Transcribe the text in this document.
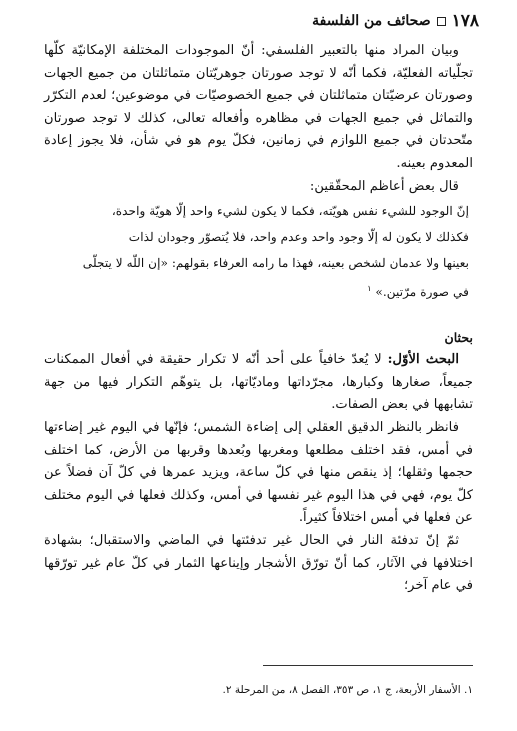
١٧٨
صحائف من الفلسفة

وبيان المراد منها بالتعبير الفلسفي: أنّ الموجودات المختلفة الإمكانيّة كلّها تجلّياته الفعليّة، فكما أنّه لا توجد صورتان جوهريّتان متماثلتان من جميع الجهات وصورتان عرضيّتان متماثلتان في جميع الخصوصيّات في موضوعين؛ لعدم التكرّر والتماثل في جميع الجهات في مظاهره وأفعاله تعالى، كذلك لا توجد صورتان متّحدتان في جميع اللوازم في زمانين، فكلّ يوم هو في شأن، فلا يجوز إعادة المعدوم بعينه.

قال بعض أعاظم المحقّقين:

إنّ الوجود للشيء نفس هويّته، فكما لا يكون لشيء واحد إلّا هويّة واحدة،

فكذلك لا يكون له إلّا وجود واحد وعدم واحد، فلا يُتصوّر وجودان لذات

بعينها ولا عدمان لشخص بعينه، فهذا ما رامه العرفاء بقولهم: «إن اللّه لا يتجلّى

في صورة مرّتين.» $^١$

بحثان

البحث الأوّل: لا يُعدّ خافياً على أحد أنّه لا تكرار حقيقة في أفعال الممكنات جميعاً، صغارها وكبارها، مجرّداتها وماديّاتها، بل يتوهّم التكرار فيها من جهة تشابهها في بعض الصفات.

فانظر بالنظر الدقيق العقلي إلى إضاءة الشمس؛ فإنّها في اليوم غير إضاءتها في أمس، فقد اختلف مطلعها ومغربها وبُعدها وقربها من الأرض، كما اختلف حجمها وثقلها؛ إذ ينقص منها في كلّ ساعة، ويزيد عمرها في كلّ آن فضلاً عن كلّ يوم، فهي في هذا اليوم غير نفسها في أمس، وكذلك فعلها في اليوم مختلف عن فعلها في أمس اختلافاً كثيراً.

ثمّ إنّ تدفئة النار في الحال غير تدفئتها في الماضي والاستقبال؛ بشهادة اختلافها في الآثار، كما أنّ تورّق الأشجار وإيناعها الثمار في كلّ عام غير تورّقها في عام آخر؛

١. الأسفار الأربعة، ج ١، ص ٣٥٣، الفصل ٨، من المرحلة ٢.
